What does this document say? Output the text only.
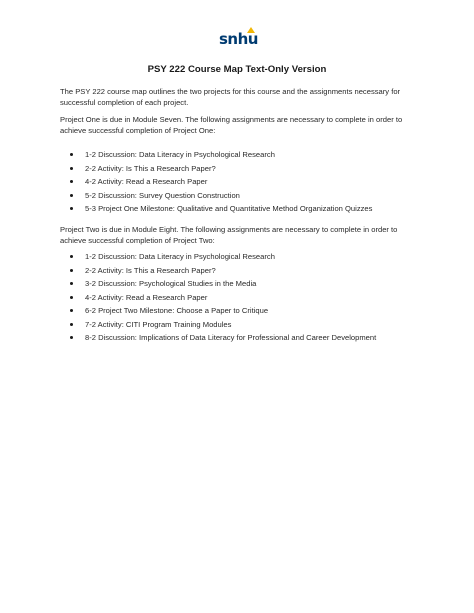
snhu
PSY 222 Course Map Text-Only Version
The PSY 222 course map outlines the two projects for this course and the assignments necessary for successful completion of each project.
Project One is due in Module Seven. The following assignments are necessary to complete in order to achieve successful completion of Project One:
1-2 Discussion: Data Literacy in Psychological Research
2-2 Activity: Is This a Research Paper?
4-2 Activity: Read a Research Paper
5-2 Discussion: Survey Question Construction
5-3 Project One Milestone: Qualitative and Quantitative Method Organization Quizzes
Project Two is due in Module Eight. The following assignments are necessary to complete in order to achieve successful completion of Project Two:
1-2 Discussion: Data Literacy in Psychological Research
2-2 Activity: Is This a Research Paper?
3-2 Discussion: Psychological Studies in the Media
4-2 Activity: Read a Research Paper
6-2 Project Two Milestone: Choose a Paper to Critique
7-2 Activity: CITI Program Training Modules
8-2 Discussion: Implications of Data Literacy for Professional and Career Development
